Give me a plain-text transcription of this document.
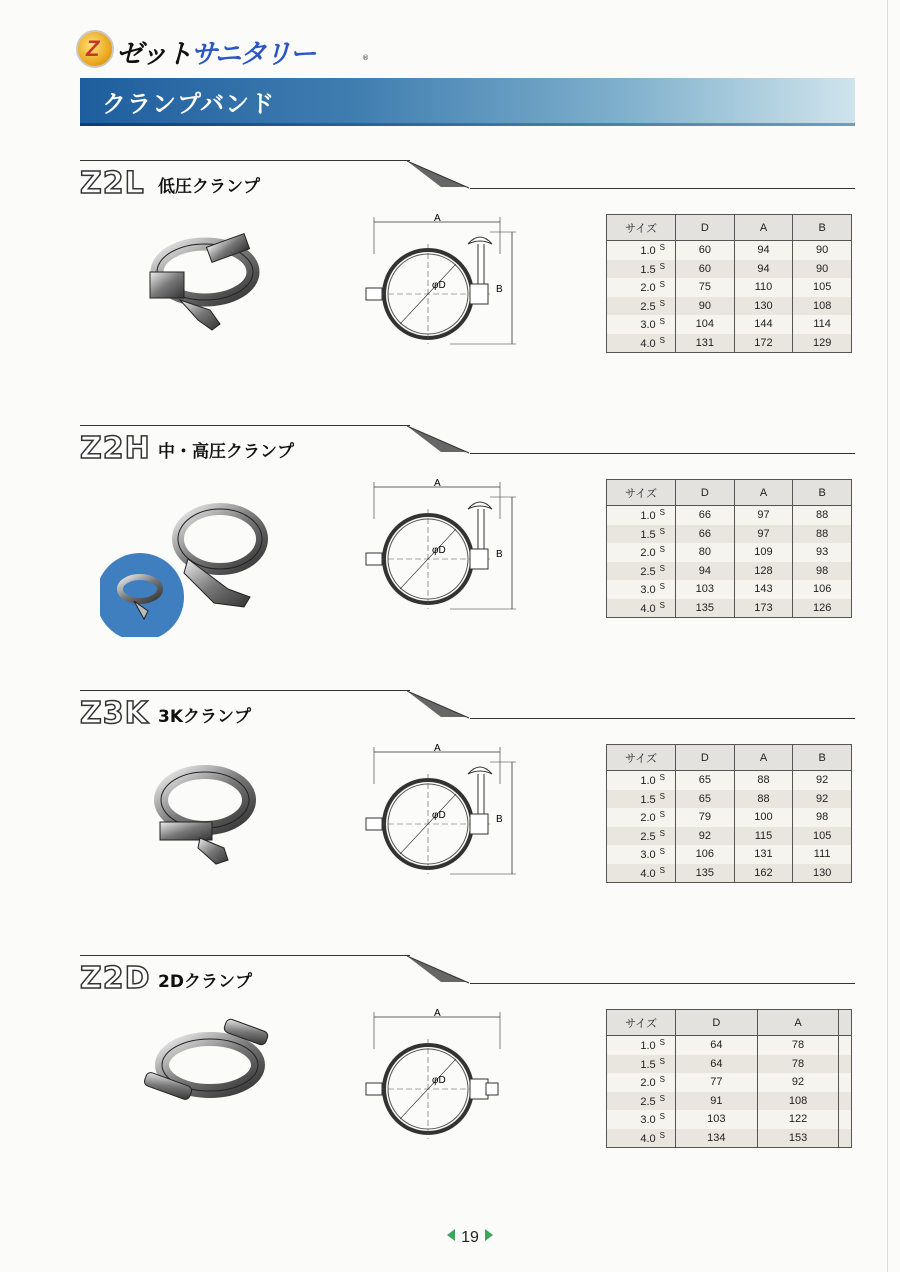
Z ゼットサニタリー	®
クランプバンド
Z2L 低圧クランプ
A
φD	B
サイズ	D	A	B
1.0 $^S$	60	94	90
1.5 $^S$	60	94	90
2.0 $^S$	75	110	105
2.5 $^S$	90	130	108
3.0 $^S$	104	144	114
4.0 $^S$	131	172	129
Z2H 中・高圧クランプ
A
φD	B
サイズ	D	A	B
1.0 $^S$	66	97	88
1.5 $^S$	66	97	88
2.0 $^S$	80	109	93
2.5 $^S$	94	128	98
3.0 $^S$	103	143	106
4.0 $^S$	135	173	126
Z3K 3Kクランプ
A
φD	B
サイズ	D	A	B
1.0 $^S$	65	88	92
1.5 $^S$	65	88	92
2.0 $^S$	79	100	98
2.5 $^S$	92	115	105
3.0 $^S$	106	131	111
4.0 $^S$	135	162	130
Z2D 2Dクランプ
A
φD
サイズ	D	A	
1.0 $^S$	64	78	
1.5 $^S$	64	78	
2.0 $^S$	77	92	
2.5 $^S$	91	108	
3.0 $^S$	103	122	
4.0 $^S$	134	153	
19
